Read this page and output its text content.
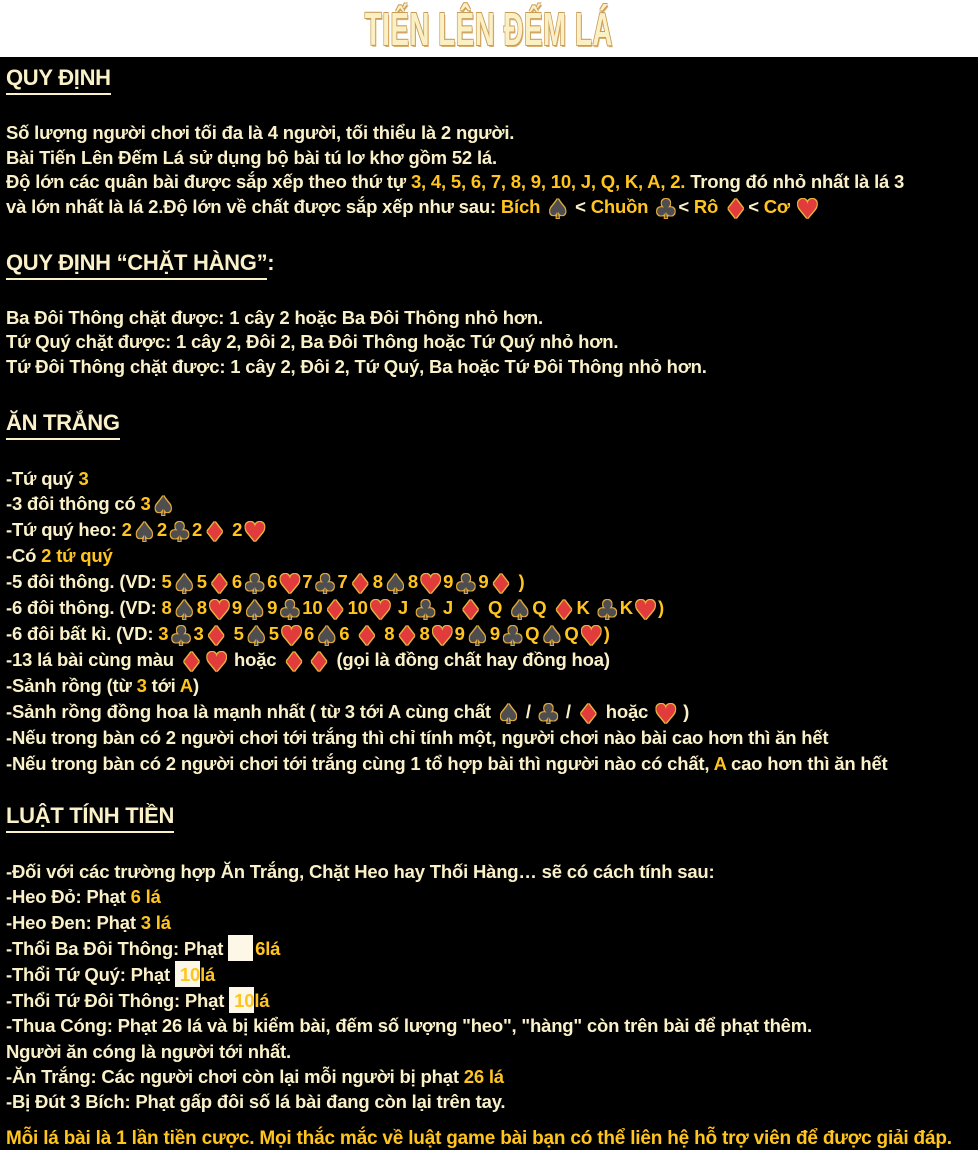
TIẾN LÊN ĐẾM LÁ
QUY ĐỊNH

Số lượng người chơi tối đa là 4 người, tối thiểu là 2 người.

Bài Tiến Lên Đếm Lá sử dụng bộ bài tú lơ khơ gồm 52 lá.

Độ lớn các quân bài được sắp xếp theo thứ tự 3, 4, 5, 6, 7, 8, 9, 10, J, Q, K, A, 2. Trong đó nhỏ nhất là lá 3

và lớn nhất là lá 2.Độ lớn về chất được sắp xếp như sau: Bích ♠ < Chuồn ♣< Rô ♦< Cơ ♥

QUY ĐỊNH “CHẶT HÀNG”:

Ba Đôi Thông chặt được: 1 cây 2 hoặc Ba Đôi Thông nhỏ hơn.

Tứ Quý chặt được: 1 cây 2, Đôi 2, Ba Đôi Thông hoặc Tứ Quý nhỏ hơn.

Tứ Đôi Thông chặt được: 1 cây 2, Đôi 2, Tứ Quý, Ba hoặc Tứ Đôi Thông nhỏ hơn.

ĂN TRẮNG

-Tứ quý 3

-3 đôi thông có 3♠

-Tứ quý heo: 2♠2♣2♦ 2♥

-Có 2 tứ quý

-5 đôi thông. (VD: 5♠5♦6♣6♥7♣7♦8♠8♥9♣9♦ )

-6 đôi thông. (VD: 8♠8♥9♠9♣10♦10♥ J ♣ J ♦ Q ♠Q ♦K ♣K♥)

-6 đôi bất kì. (VD: 3♣3♦ 5♠5♥6♠6 ♦ 8♦8♥9♠9♣Q♠Q♥)

-13 lá bài cùng màu ♦♥ hoặc ♦♦ (gọi là đồng chất hay đồng hoa)

-Sảnh rồng (từ 3 tới A)

-Sảnh rồng đồng hoa là mạnh nhất ( từ 3 tới A cùng chất ♠ / ♣ / ♦ hoặc ♥ )

-Nếu trong bàn có 2 người chơi tới trắng thì chỉ tính một, người chơi nào bài cao hơn thì ăn hết

-Nếu trong bàn có 2 người chơi tới trắng cùng 1 tổ hợp bài thì người nào có chất, A cao hơn thì ăn hết

LUẬT TÍNH TIỀN

-Đối với các trường hợp Ăn Trắng, Chặt Heo hay Thối Hàng… sẽ có cách tính sau:

-Heo Đỏ: Phạt 6 lá

-Heo Đen: Phạt 3 lá

-Thổi Ba Đôi Thông: Phạt 6lá

-Thổi Tứ Quý: Phạt 10lá

-Thổi Tứ Đôi Thông: Phạt 10lá

-Thua Cóng: Phạt 26 lá và bị kiểm bài, đếm số lượng "heo", "hàng" còn trên bài để phạt thêm.

Người ăn cóng là người tới nhất.

-Ăn Trắng: Các người chơi còn lại mỗi người bị phạt 26 lá

-Bị Đút 3 Bích: Phạt gấp đôi số lá bài đang còn lại trên tay.

Mỗi lá bài là 1 lần tiền cược. Mọi thắc mắc về luật game bài bạn có thể liên hệ hỗ trợ viên để được giải đáp.
